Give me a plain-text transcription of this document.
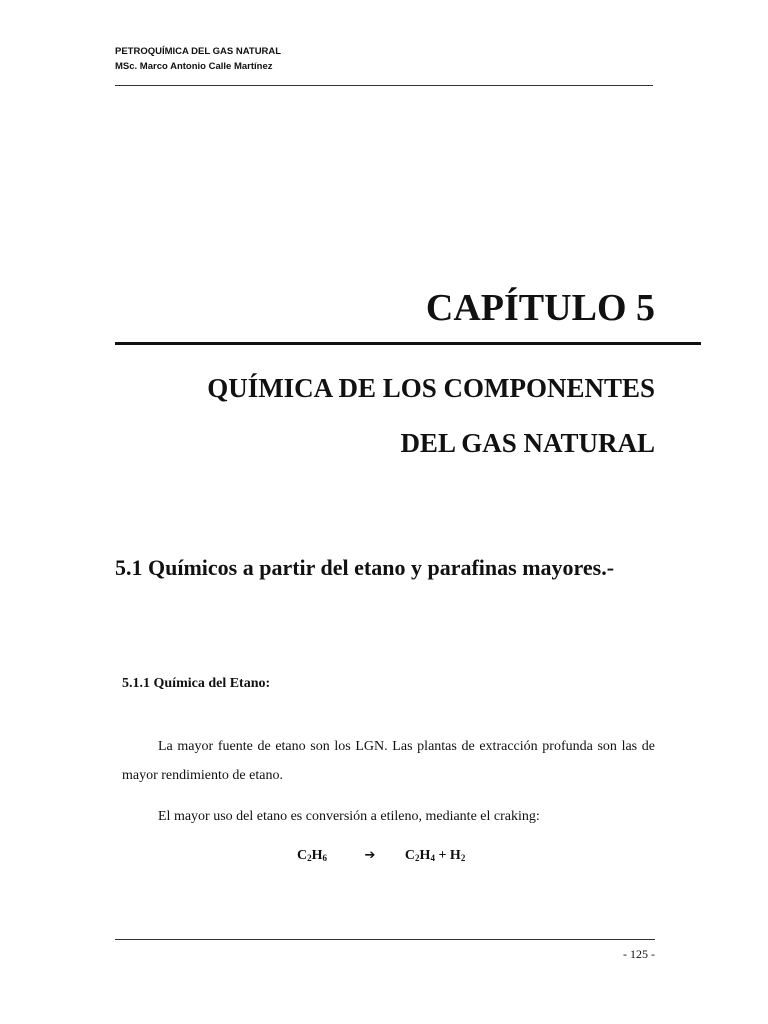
PETROQUÍMICA DEL GAS NATURAL
MSc. Marco Antonio Calle Martínez
CAPÍTULO 5
QUÍMICA DE LOS COMPONENTES
DEL GAS NATURAL
5.1 Químicos a partir del etano y parafinas mayores.-
5.1.1 Química del Etano:
La mayor fuente de etano son los LGN. Las plantas de extracción profunda son las de mayor rendimiento de etano.
El mayor uso del etano es conversión a etileno, mediante el craking:
$C_2H_6$	➔ $C_2H_4 + H_2$
- 125 -
